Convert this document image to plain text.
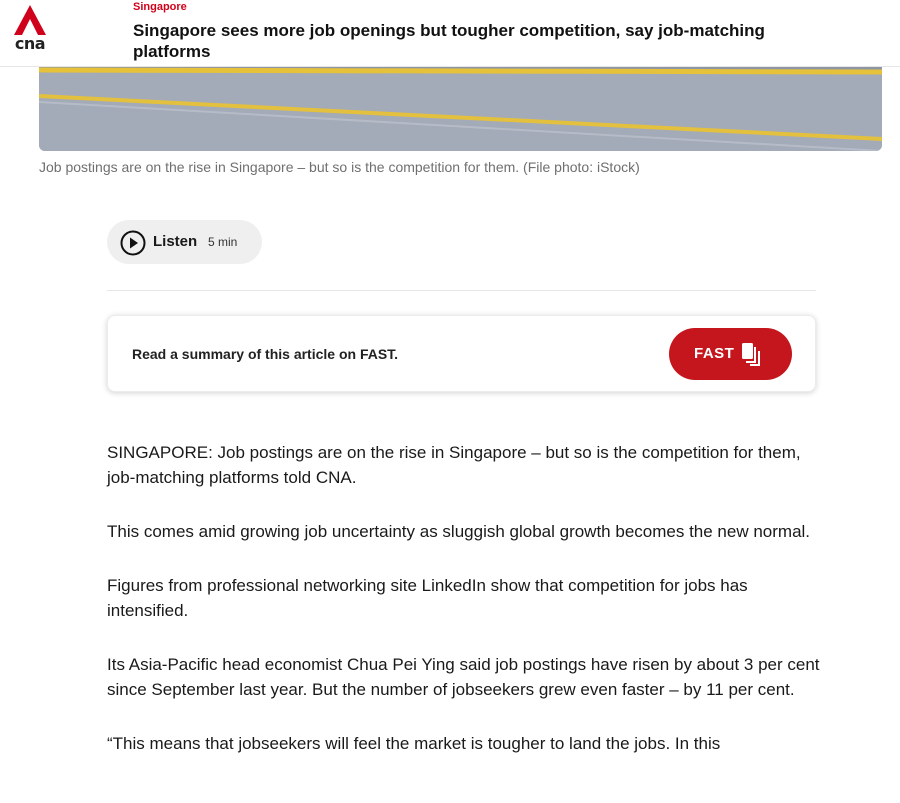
cna
Singapore
Singapore sees more job openings but tougher competition, say job-matching platforms
Job postings are on the rise in Singapore – but so is the competition for them. (File photo: iStock)
Listen 5 min
Read a summary of this article on FAST.	FAST

SINGAPORE: Job postings are on the rise in Singapore – but so is the competition for them, job-matching platforms told CNA.

This comes amid growing job uncertainty as sluggish global growth becomes the new normal.

Figures from professional networking site LinkedIn show that competition for jobs has intensified.

Its Asia-Pacific head economist Chua Pei Ying said job postings have risen by about 3 per cent since September last year. But the number of jobseekers grew even faster – by 11 per cent.

“This means that jobseekers will feel the market is tougher to land the jobs. In this
